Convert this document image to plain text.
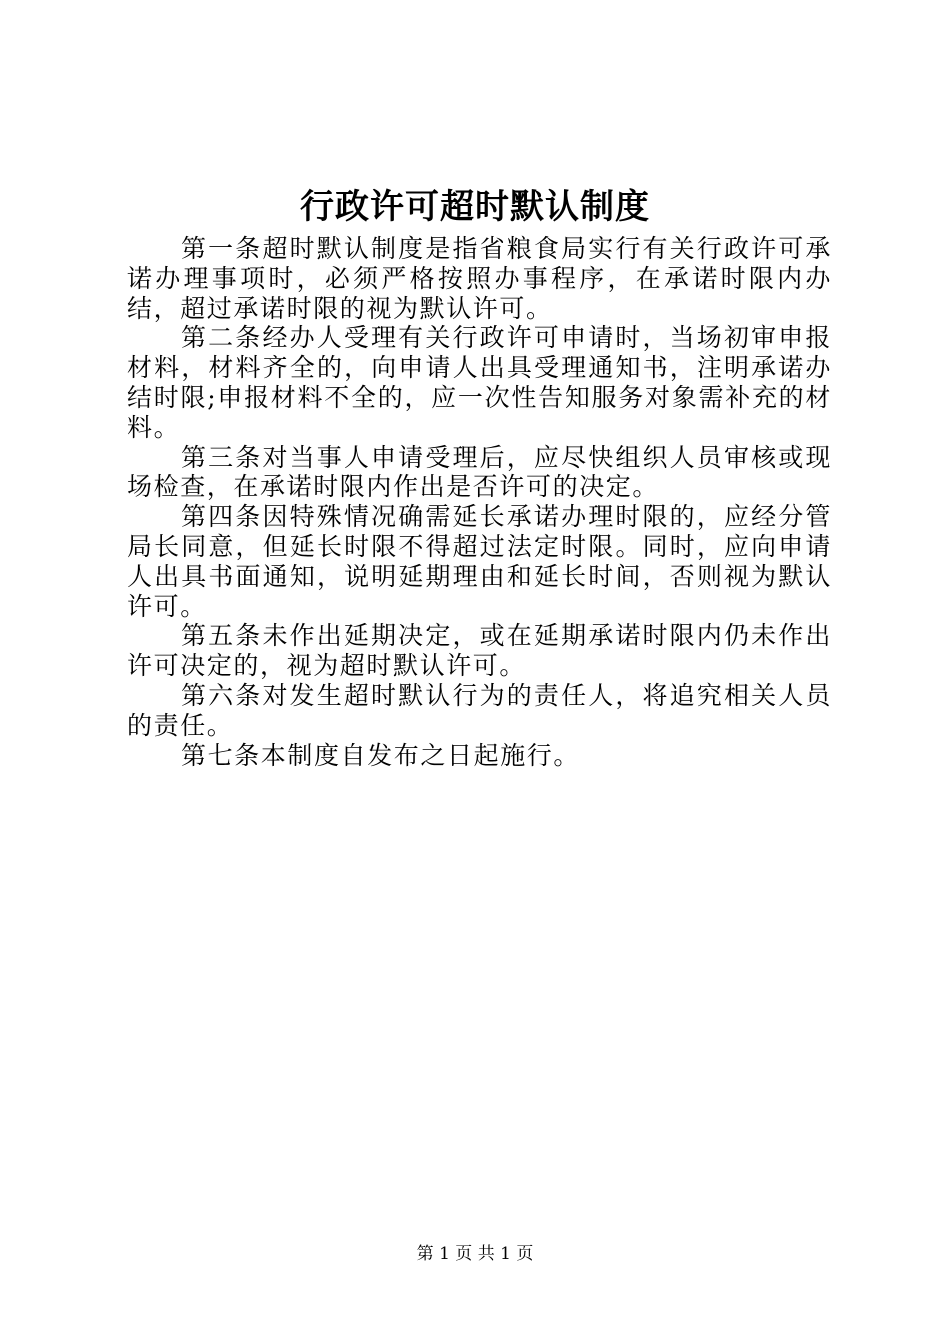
行政许可超时默认制度

第一条超时默认制度是指省粮食局实行有关行政许可承诺办理事项时，必须严格按照办事程序，在承诺时限内办结，超过承诺时限的视为默认许可。

第二条经办人受理有关行政许可申请时，当场初审申报材料，材料齐全的，向申请人出具受理通知书，注明承诺办结时限;申报材料不全的，应一次性告知服务对象需补充的材料。

第三条对当事人申请受理后，应尽快组织人员审核或现场检查，在承诺时限内作出是否许可的决定。

第四条因特殊情况确需延长承诺办理时限的，应经分管局长同意，但延长时限不得超过法定时限。同时，应向申请人出具书面通知，说明延期理由和延长时间，否则视为默认许可。

第五条未作出延期决定，或在延期承诺时限内仍未作出许可决定的，视为超时默认许可。

第六条对发生超时默认行为的责任人，将追究相关人员的责任。

第七条本制度自发布之日起施行。

第 1 页 共 1 页
